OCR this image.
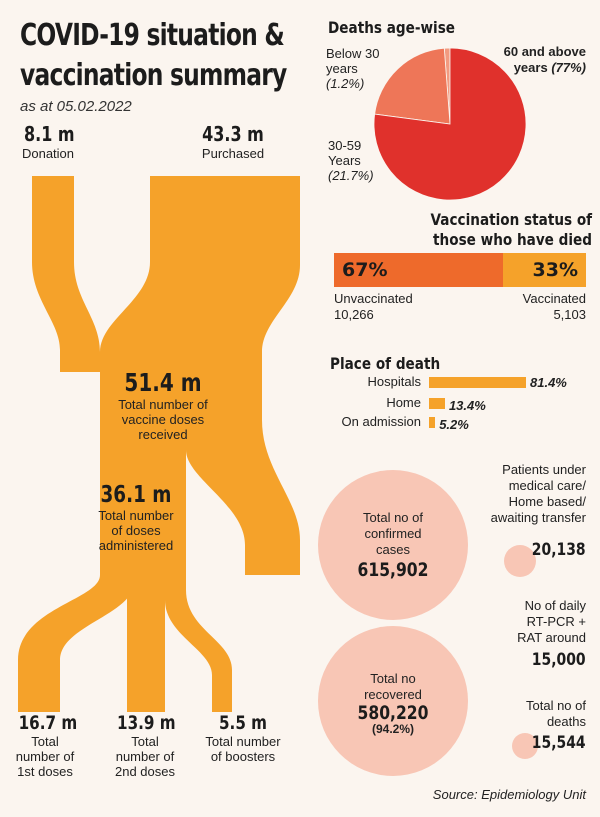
COVID-19 situation &
vaccination summary
as at 05.02.2022
8.1 m
Donation
43.3 m
Purchased
51.4 m
Total number of
vaccine doses
received
36.1 m
Total number
of doses
administered
16.7 m
Total
number of
1st doses
13.9 m
Total
number of
2nd doses
5.5 m
Total number
of boosters
Deaths age-wise
Below 30
years
(1.2%)
30-59
Years
(21.7%)
60 and above
years (77%)
Vaccination status of
those who have died
67%	33%
Unvaccinated
10,266
Vaccinated
5,103
Place of death
Hospitals	81.4%
Home 13.4%
On admission 5.2%
Total no of
confirmed
cases
615,902
Total no
recovered
580,220
(94.2%)
Patients under
medical care/
Home based/
awaiting transfer
20,138
No of daily
RT-PCR +
RAT around
15,000
Total no of
deaths
15,544
Source: Epidemiology Unit
